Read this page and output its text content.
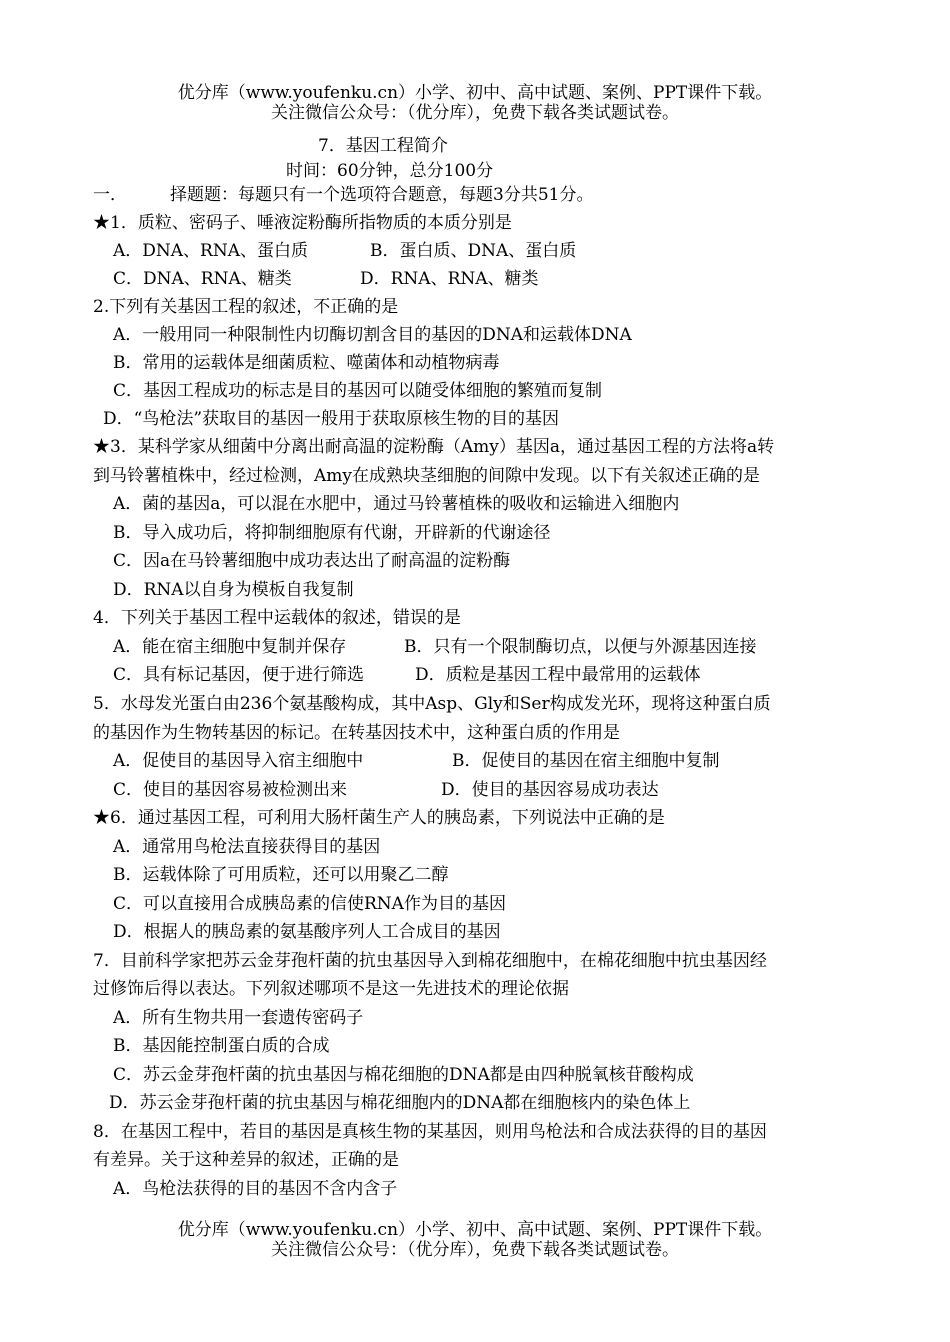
优分库（www.youfenku.cn）小学、初中、高中试题、案例、PPT课件下载。
关注微信公众号：（优分库），免费下载各类试题试卷。
7．基因工程简介
时间：60分钟，总分100分
一．	择题题：每题只有一个选项符合题意，每题3分共51分。
★1．质粒、密码子、唾液淀粉酶所指物质的本质分别是
A．DNA、RNA、蛋白质	B．蛋白质、DNA、蛋白质
C．DNA、RNA、糖类	D．RNA、RNA、糖类
2.下列有关基因工程的叙述，不正确的是
A．一般用同一种限制性内切酶切割含目的基因的DNA和运载体DNA
B．常用的运载体是细菌质粒、噬菌体和动植物病毒
C．基因工程成功的标志是目的基因可以随受体细胞的繁殖而复制
D．“鸟枪法”获取目的基因一般用于获取原核生物的目的基因
★3．某科学家从细菌中分离出耐高温的淀粉酶（Amy）基因a，通过基因工程的方法将a转
到马铃薯植株中，经过检测，Amy在成熟块茎细胞的间隙中发现。以下有关叙述正确的是
A．菌的基因a，可以混在水肥中，通过马铃薯植株的吸收和运输进入细胞内
B．导入成功后，将抑制细胞原有代谢，开辟新的代谢途径
C．因a在马铃薯细胞中成功表达出了耐高温的淀粉酶
D．RNA以自身为模板自我复制
4．下列关于基因工程中运载体的叙述，错误的是
A．能在宿主细胞中复制并保存	B．只有一个限制酶切点，以便与外源基因连接
C．具有标记基因，便于进行筛选	D．质粒是基因工程中最常用的运载体
5．水母发光蛋白由236个氨基酸构成，其中Asp、Gly和Ser构成发光环，现将这种蛋白质
的基因作为生物转基因的标记。在转基因技术中，这种蛋白质的作用是
A．促使目的基因导入宿主细胞中	B．促使目的基因在宿主细胞中复制
C．使目的基因容易被检测出来	D．使目的基因容易成功表达
★6．通过基因工程，可利用大肠杆菌生产人的胰岛素，下列说法中正确的是
A．通常用鸟枪法直接获得目的基因
B．运载体除了可用质粒，还可以用聚乙二醇
C．可以直接用合成胰岛素的信使RNA作为目的基因
D．根据人的胰岛素的氨基酸序列人工合成目的基因
7．目前科学家把苏云金芽孢杆菌的抗虫基因导入到棉花细胞中，在棉花细胞中抗虫基因经
过修饰后得以表达。下列叙述哪项不是这一先进技术的理论依据
A．所有生物共用一套遗传密码子
B．基因能控制蛋白质的合成
C．苏云金芽孢杆菌的抗虫基因与棉花细胞的DNA都是由四种脱氧核苷酸构成
D．苏云金芽孢杆菌的抗虫基因与棉花细胞内的DNA都在细胞核内的染色体上
8．在基因工程中，若目的基因是真核生物的某基因，则用鸟枪法和合成法获得的目的基因
有差异。关于这种差异的叙述，正确的是
A．鸟枪法获得的目的基因不含内含子
优分库（www.youfenku.cn）小学、初中、高中试题、案例、PPT课件下载。
关注微信公众号：（优分库），免费下载各类试题试卷。
